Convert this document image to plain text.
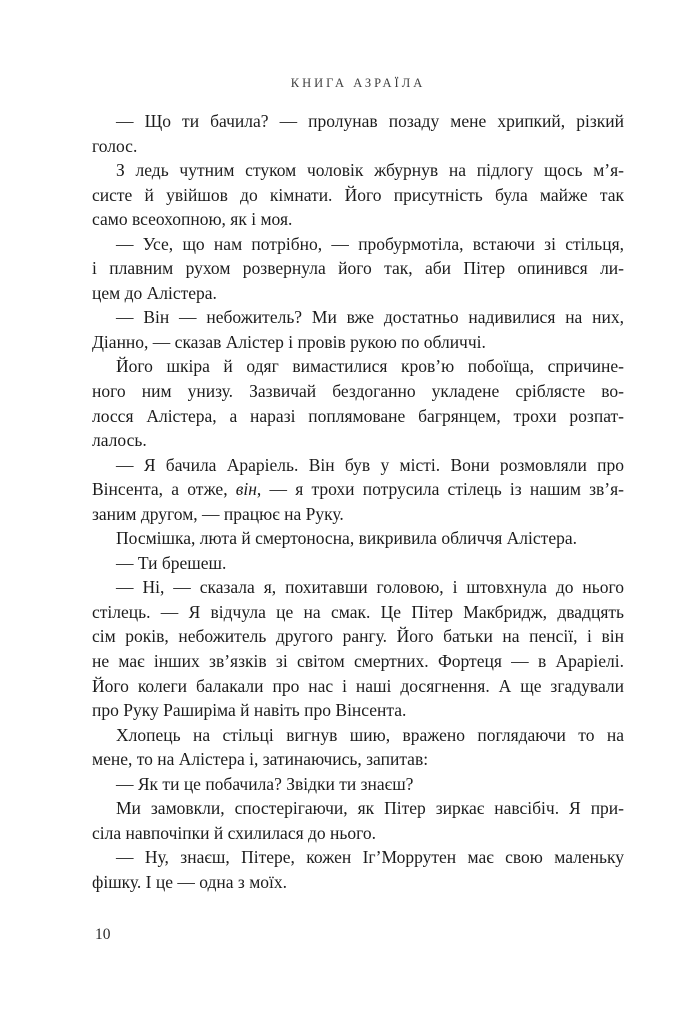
КНИГА АЗРАЇЛА
— Що ти бачила? — пролунав позаду мене хрипкий, різкий
голос.
З ледь чутним стуком чоловік жбурнув на підлогу щось м’я-
систе й увійшов до кімнати. Його присутність була майже так
само всеохопною, як і моя.
— Усе, що нам потрібно, — пробурмотіла, встаючи зі стільця,
і плавним рухом розвернула його так, аби Пітер опинився ли-
цем до Алістера.
— Він — небожитель? Ми вже достатньо надивилися на них,
Діанно, — сказав Алістер і провів рукою по обличчі.
Його шкіра й одяг вимастилися кров’ю побоїща, спричине-
ного ним унизу. Зазвичай бездоганно укладене сріблясте во-
лосся Алістера, а наразі поплямоване багрянцем, трохи розпат-
лалось.
— Я бачила Араріель. Він був у місті. Вони розмовляли про
Вінсента, а отже, він, — я трохи потрусила стілець із нашим зв’я-
заним другом, — працює на Руку.
Посмішка, люта й смертоносна, викривила обличчя Алістера.
— Ти брешеш.
— Ні, — сказала я, похитавши головою, і штовхнула до нього
стілець. — Я відчула це на смак. Це Пітер Макбридж, двадцять
сім років, небожитель другого рангу. Його батьки на пенсії, і він
не має інших зв’язків зі світом смертних. Фортеця — в Араріелі.
Його колеги балакали про нас і наші досягнення. А ще згадували
про Руку Раширіма й навіть про Вінсента.
Хлопець на стільці вигнув шию, вражено поглядаючи то на
мене, то на Алістера і, затинаючись, запитав:
— Як ти це побачила? Звідки ти знаєш?
Ми замовкли, спостерігаючи, як Пітер зиркає навсібіч. Я при-
сіла навпочіпки й схилилася до нього.
— Ну, знаєш, Пітере, кожен Іг’Моррутен має свою маленьку
фішку. І це — одна з моїх.
10
